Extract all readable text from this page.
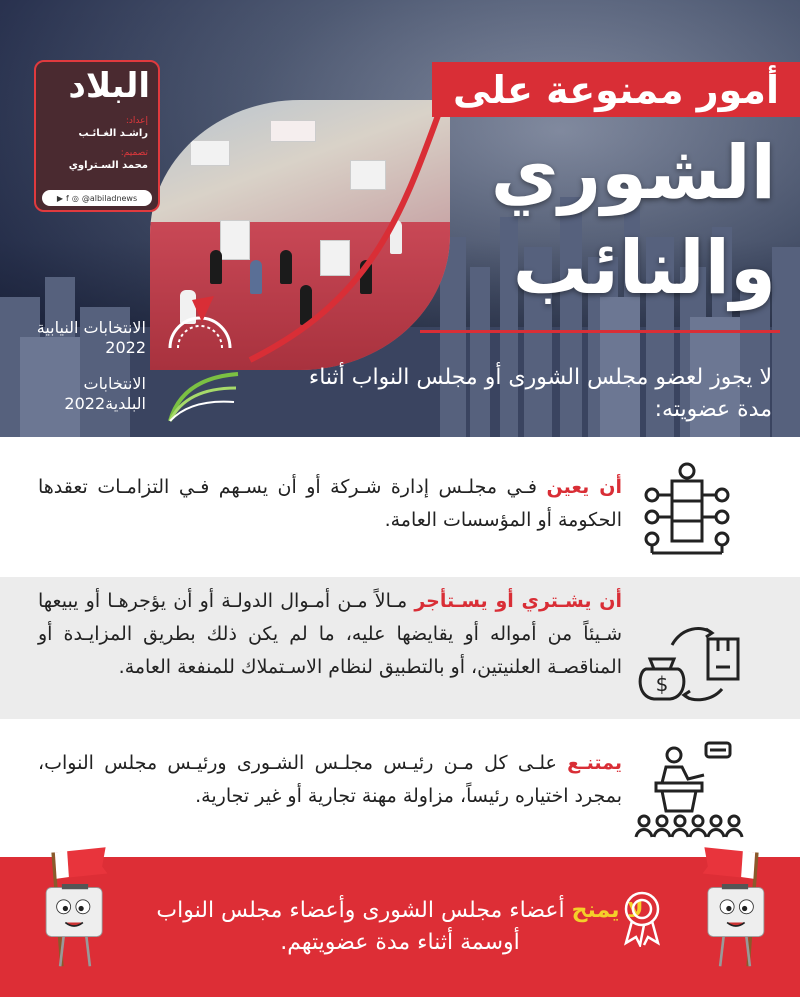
البلاد
إعداد:
راشـد الغـائـب
تصميم:
محمد السـتراوي
▶ f ◎ @albiladnews
أمور ممنوعة على
الشوري
والنائب
لا يجوز لعضو مجلس الشورى أو مجلس النواب أثناء مدة عضويته:
الانتخابات النيابية 2022
الانتخابات البلدية2022
أن يعين فـي مجلـس إدارة شـركة أو أن يسـهم فـي التزامـات تعقدها الحكومة أو المؤسسات العامة.
أن يشـتري أو يسـتأجر مـالاً مـن أمـوال الدولـة أو أن يؤجرهـا أو يبيعها شـيئاً من أمواله أو يقايضها عليه، ما لم يكن ذلك بطريق المزايـدة أو المناقصـة العلنيتين، أو بالتطبيق لنظام الاسـتملاك للمنفعة العامة.
$
يمتنـع علـى كل مـن رئيـس مجلـس الشـورى ورئيـس مجلس النواب، بمجرد اختياره رئيساً، مزاولة مهنة تجارية أو غير تجارية.
لا يمنح أعضاء مجلس الشورى وأعضاء مجلس النواب أوسمة أثناء مدة عضويتهم.
